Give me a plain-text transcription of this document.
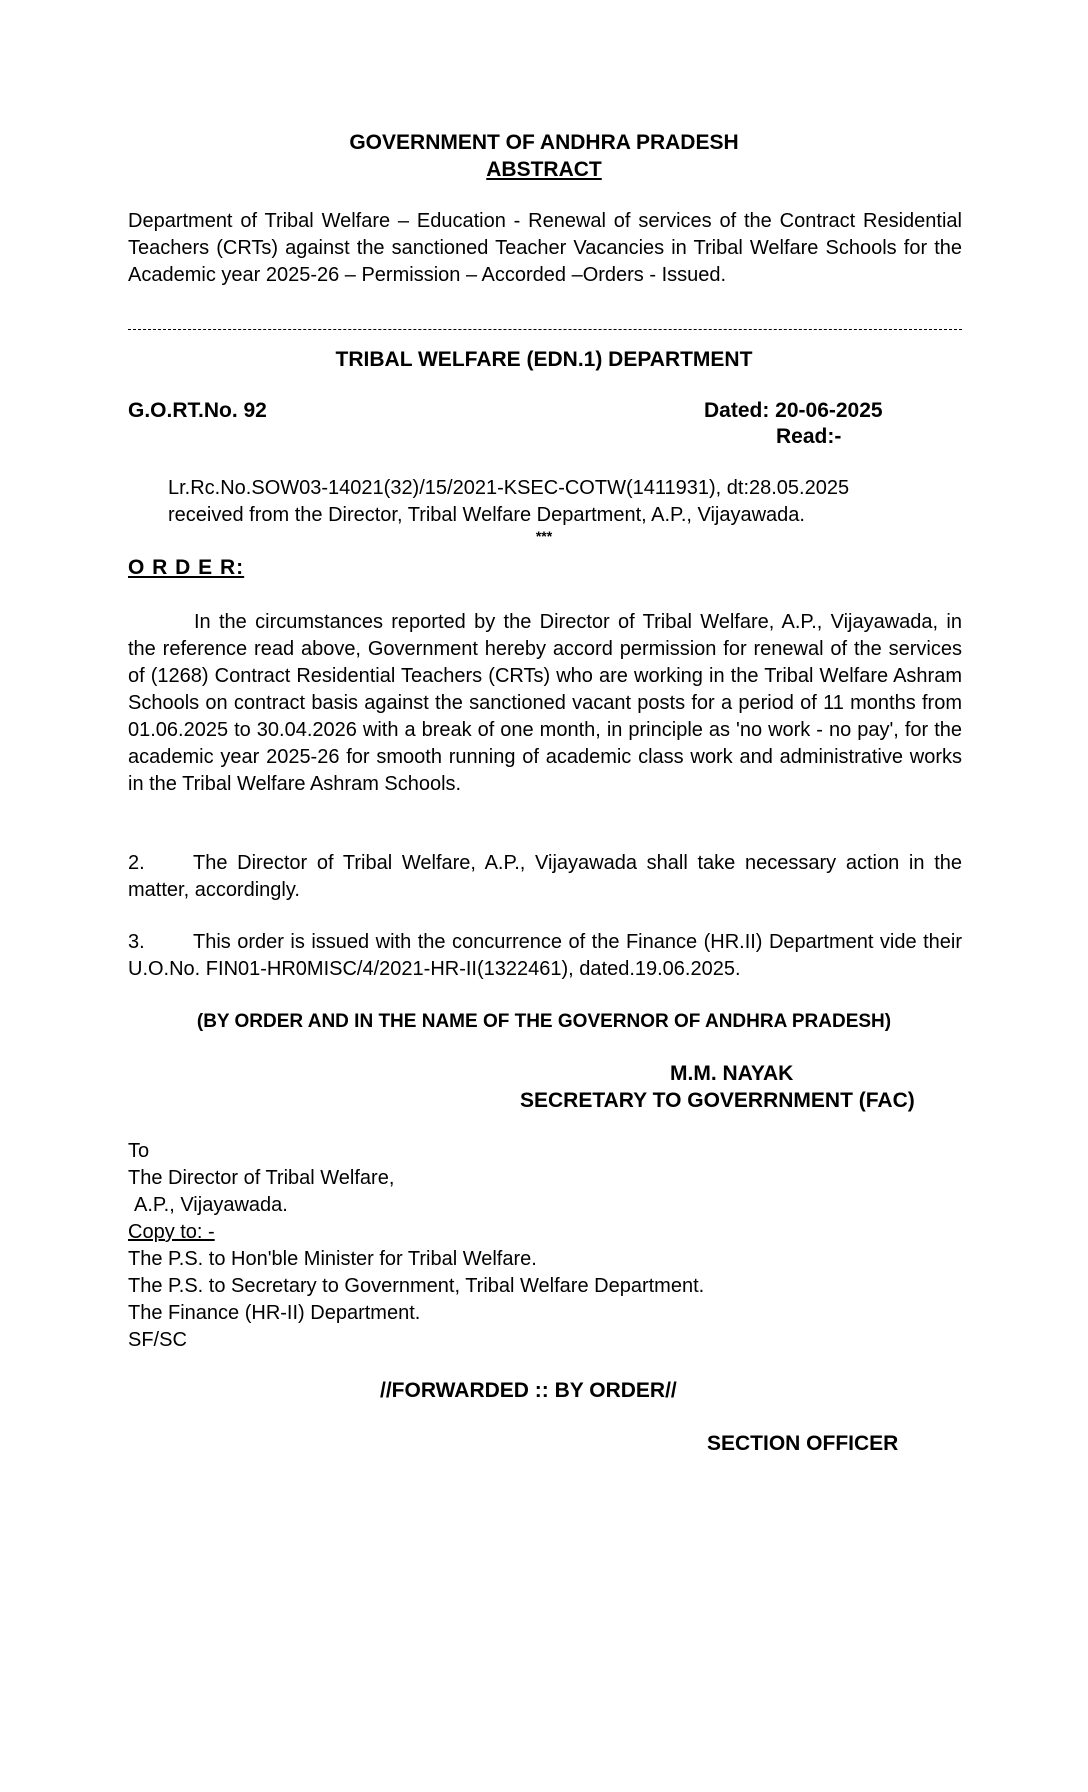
GOVERNMENT OF ANDHRA PRADESH
ABSTRACT
Department of Tribal Welfare – Education - Renewal of services of the Contract Residential Teachers (CRTs) against the sanctioned Teacher Vacancies in Tribal Welfare Schools for the Academic year 2025-26 – Permission – Accorded –Orders - Issued.
TRIBAL WELFARE (EDN.1) DEPARTMENT
G.O.RT.No. 92	Dated: 20-06-2025
Read:-
Lr.Rc.No.SOW03-14021(32)/15/2021-KSEC-COTW(1411931), dt:28.05.2025
received from the Director, Tribal Welfare Department, A.P., Vijayawada.
***
O R D E R:
In the circumstances reported by the Director of Tribal Welfare, A.P., Vijayawada, in the reference read above, Government hereby accord permission for renewal of the services of (1268) Contract Residential Teachers (CRTs) who are working in the Tribal Welfare Ashram Schools on contract basis against the sanctioned vacant posts for a period of 11 months from 01.06.2025 to 30.04.2026 with a break of one month, in principle as 'no work - no pay', for the academic year 2025-26 for smooth running of academic class work and administrative works in the Tribal Welfare Ashram Schools.
2. The Director of Tribal Welfare, A.P., Vijayawada shall take necessary action in the matter, accordingly.
3. This order is issued with the concurrence of the Finance (HR.II) Department vide their U.O.No. FIN01-HR0MISC/4/2021-HR-II(1322461), dated.19.06.2025.
(BY ORDER AND IN THE NAME OF THE GOVERNOR OF ANDHRA PRADESH)
M.M. NAYAK
SECRETARY TO GOVERRNMENT (FAC)
To
The Director of Tribal Welfare,
A.P., Vijayawada.
Copy to: -
The P.S. to Hon'ble Minister for Tribal Welfare.
The P.S. to Secretary to Government, Tribal Welfare Department.
The Finance (HR-II) Department.
SF/SC
//FORWARDED :: BY ORDER//
SECTION OFFICER
